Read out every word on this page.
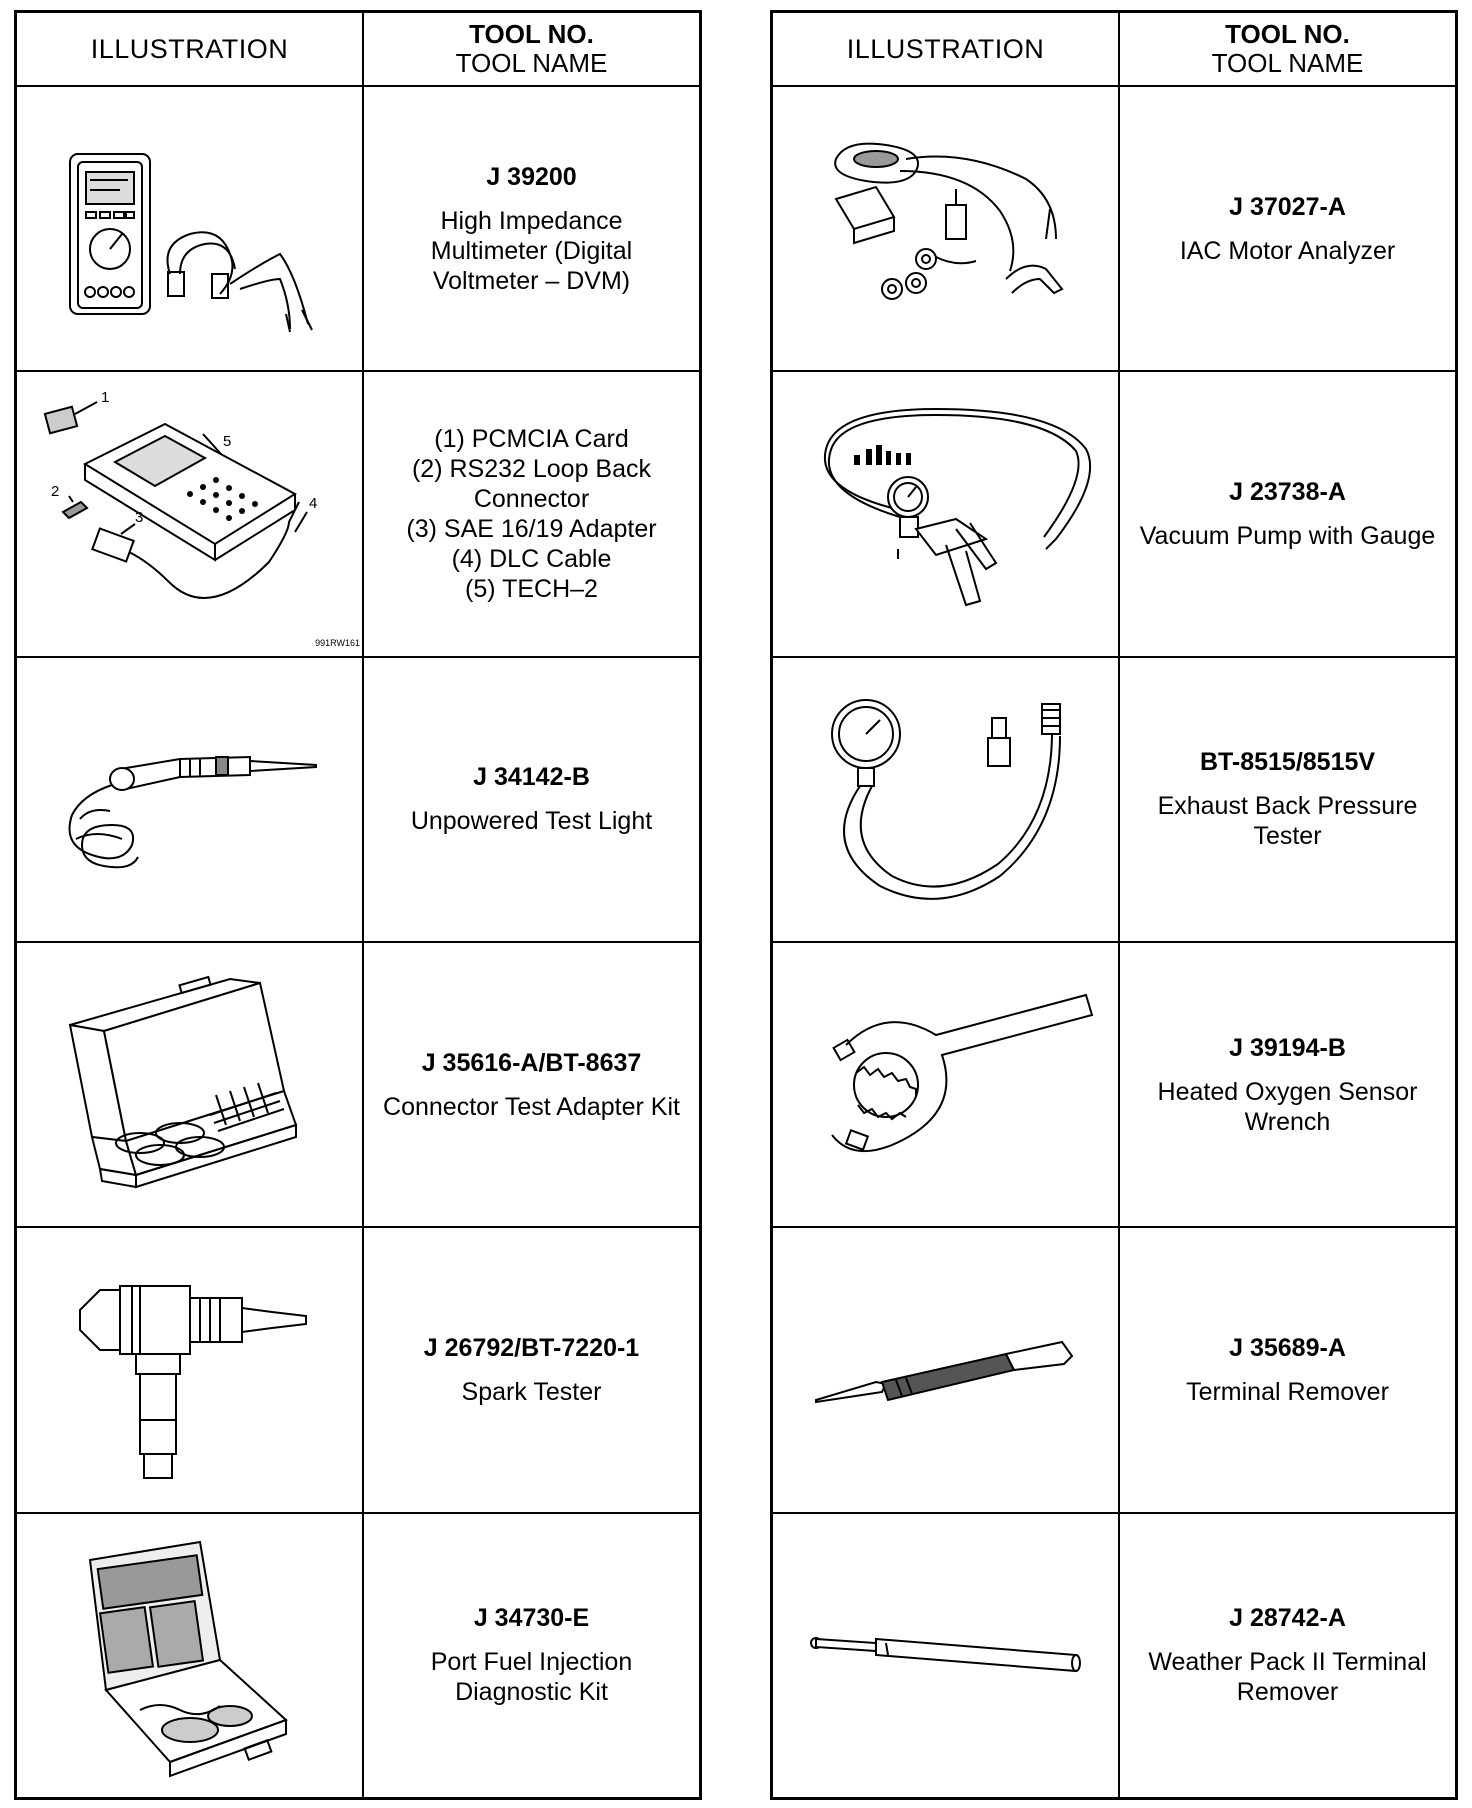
ILLUSTRATION	TOOL NO.
TOOL NAME
J 39200
High Impedance Multimeter (Digital Voltmeter – DVM)
1
2
3
4
5
991RW161
(1) PCMCIA Card
(2) RS232 Loop Back Connector
(3) SAE 16/19 Adapter
(4) DLC Cable
(5) TECH–2
J 34142-B
Unpowered Test Light
J 35616-A/BT-8637
Connector Test Adapter Kit
J 26792/BT-7220-1
Spark Tester
J 34730-E
Port Fuel Injection Diagnostic Kit
ILLUSTRATION	TOOL NO.
TOOL NAME
J 37027-A
IAC Motor Analyzer
J 23738-A
Vacuum Pump with Gauge
BT-8515/8515V
Exhaust Back Pressure Tester
J 39194-B
Heated Oxygen Sensor Wrench
J 35689-A
Terminal Remover
J 28742-A
Weather Pack II Terminal Remover
